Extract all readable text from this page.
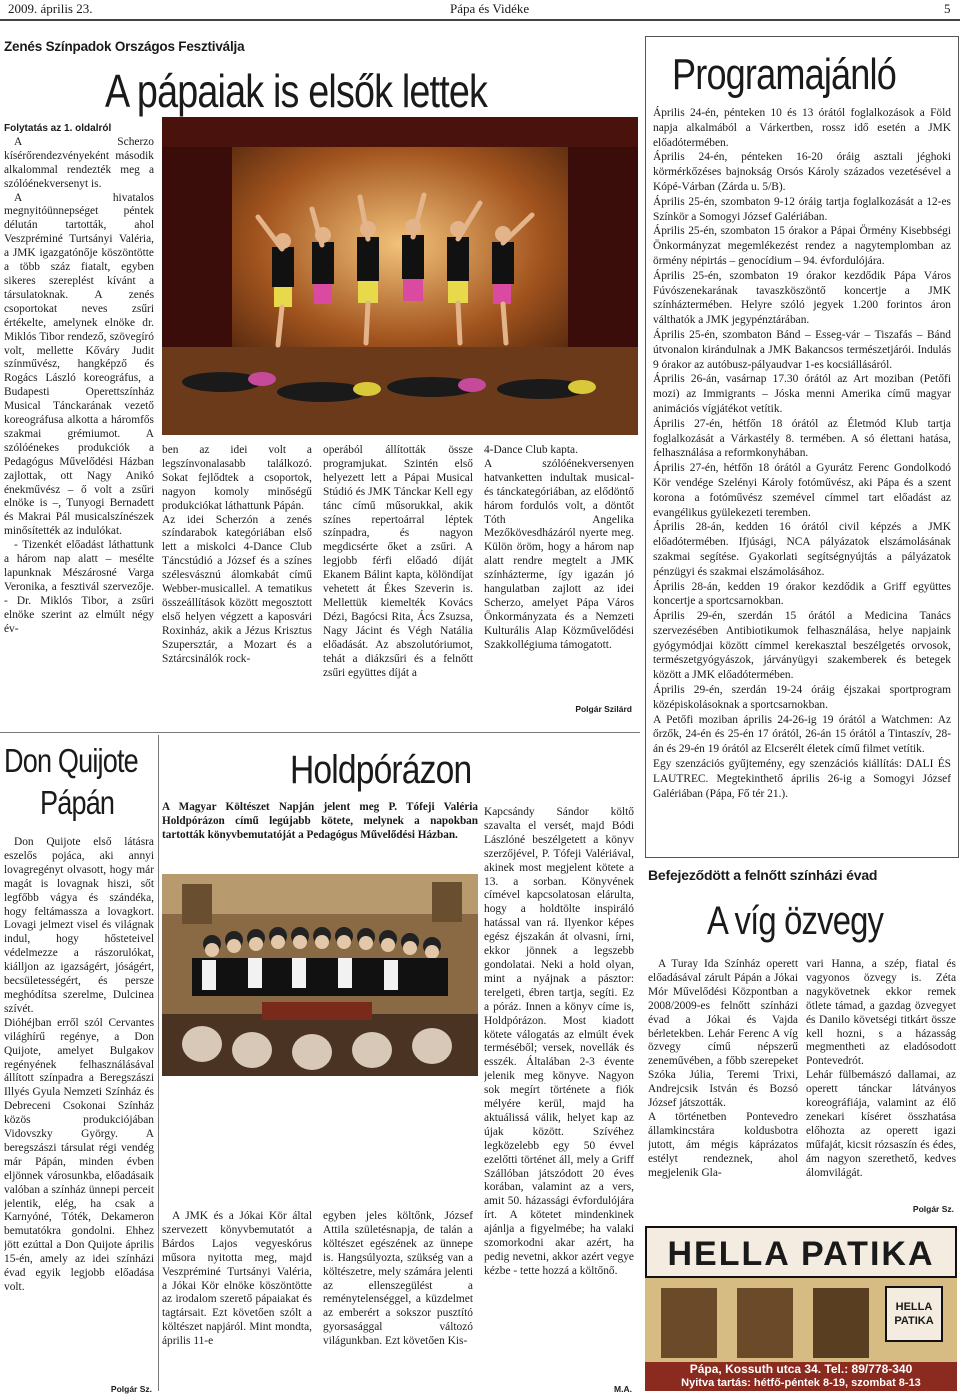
2009. április 23.	Pápa és Vidéke	5
Zenés Színpadok Országos Fesztiválja
A pápaiak is elsők lettek

Folytatás az 1. oldalról

A Scherzo kísérőrendezvényeként második alkalommal rendezték meg a szólóénekversenyt is.

A hivatalos megnyitóünnepséget péntek délután tartották, ahol Veszpréminé Turtsányi Valéria, a JMK igazgatónője köszöntötte a több száz fiatalt, egyben sikeres szereplést kívánt a társulatoknak. A zenés csoportokat neves zsűri értékelte, amelynek elnöke dr. Miklós Tibor rendező, szövegíró volt, mellette Kőváry Judit színművész, hangképző és Rogács László koreográfus, a Budapesti Operettszínház Musical Tánckarának vezető koreográfusa alkotta a háromfős szakmai grémiumot. A szólóénekes produkciók a Pedagógus Művelődési Házban zajlottak, ott Nagy Anikó énekművész – ő volt a zsűri elnöke is –, Tunyogi Bernadett és Makrai Pál musicalszínészek minősítették az indulókat.

- Tizenkét előadást láthattunk a három nap alatt – mesélte lapunknak Mészárosné Varga Veronika, a fesztivál szervezője. - Dr. Miklós Tibor, a zsűri elnöke szerint az elmúlt négy év-

ben az idei volt a legszínvonalasabb találkozó. Sokat fejlődtek a csoportok, nagyon komoly minőségű produkciókat láthattunk Pápán.
Az idei Scherzón a zenés színdarabok kategóriában első lett a miskolci 4-Dance Club Táncstúdió a József és a színes szélesvásznú álomkabát című Webber-musicallel. A tematikus összeállítások között megosztott első helyen végzett a kaposvári Roxinház, akik a Jézus Krisztus Szupersztár, a Mozart és a Sztárcsinálók rock-

operából állították össze programjukat. Szintén első helyezett lett a Pápai Musical Stúdió és JMK Tánckar Kell egy tánc című műsorukkal, akik színes repertoárral léptek színpadra, és nagyon megdicsérte őket a zsűri. A legjobb férfi előadó díját Ekanem Bálint kapta, kölöndíjat vehetett át Ékes Szeverin is. Mellettük kiemelték Kovács Dézi, Bagócsi Rita, Ács Zsuzsa, Nagy Jácint és Végh Natália előadását. Az abszolutóriumot, tehát a diákzsűri és a felnőtt zsűri együttes díját a

4-Dance Club kapta.
A szólóénekversenyen hatvanketten indultak musical- és tánckategóriában, az elődöntő három fordulós volt, a döntőt Tóth Angelika Mezőkövesdházáról nyerte meg. Külön öröm, hogy a három nap alatt rendre megtelt a JMK színháztermе, így igazán jó hangulatban zajlott az idei Scherzo, amelyet Pápa Város Önkormányzata és a Nemzeti Kulturális Alap Közművelődési Szakkollégiuma támogatott.

Polgár Szilárd
Don Quijote
Pápán

Don Quijote első látásra eszelős pojáca, aki annyi lovagregényt olvasott, hogy már magát is lovagnak hiszi, sőt legfőbb vágya és szándéka, hogy feltámassza a lovagkort. Lovagi jelmezt visel és világnak indul, hogy hősteteivel védelmezze a rászorulókat, kiálljon az igazságért, jóságért, becsületességért, és persze meghódítsa szerelme, Dulcinea szívét.
Dióhéjban erről szól Cervantes világhírű regénye, a Don Quijote, amelyet Bulgakov regényének felhasználásával állított színpadra a Beregszászi Illyés Gyula Nemzeti Színház és Debreceni Csokonai Színház közös produkciójában Vidovszky György. A beregszászi társulat régi vendég már Pápán, minden évben eljönnek városunkba, előadásaik valóban a színház ünnepi perceit jelentik, elég, ha csak a Karnyóné, Tóték, Dekameron bemutatókra gondolni. Ehhez jött ezúttal a Don Quijote április 15-én, amely az idei színházi évad egyik legjobb előadása volt.

Polgár Sz.
Holdpórázon
A Magyar Költészet Napján jelent meg P. Tófeji Valéria Holdpórázon című legújabb kötete, melynek a napokban tartották könyvbemutatóját a Pedagógus Művelődési Házban.

A JMK és a Jókai Kör által szervezett könyvbemutatót a Bárdos Lajos vegyeskórus műsora nyitotta meg, majd Veszpréminé Turtsányi Valéria, a Jókai Kör elnöke köszöntötte az irodalom szerető pápaiakat és tagtársait. Ezt követően szólt a költészet napjáról. Mint mondta, április 11-e

egyben jeles költőnk, József Attila születésnapja, de talán a költészet egészének az ünnepe is. Hangsúlyozta, szükség van a költészetre, mely számára jelenti az ellenszegülést a reménytelenséggel, a küzdelmet az emberért a sokszor pusztító gyorsasággal változó világunkban. Ezt követően Kis-

Kapcsándy Sándor költő szavalta el versét, majd Bódi Lászlóné beszélgetett a könyv szerzőjével, P. Tófeji Valériával, akinek most megjelent kötete a 13. a sorban. Könyvének címével kapcsolatosan elárulta, hogy a holdtölte inspiráló hatással van rá. Ilyenkor képes egész éjszakán át olvasni, írni, ekkor jönnek a legszebb gondolatai. Neki a hold olyan, mint a nyájnak a pásztor: terelgeti, ébren tartja, segíti. Ez a póráz. Innen a könyv címe is, Holdpórázon. Most kiadott kötete válogatás az elmúlt évek terméséből; versek, novellák és esszék. Általában 2-3 évente jelenik meg könyve. Nagyon sok megírt története a fiók mélyére kerül, majd ha aktuálissá válik, helyet kap az újak között. Szívéhez legközelebb egy 50 évvel ezelőtti történet áll, mely a Griff Szállóban játszódott 20 éves korában, valamint az a vers, amit 50. házassági évfordulójára írt. A kötetet mindenkinek ajánlja a figyelmébe; ha valaki szomorkodni akar azért, ha pedig nevetni, akkor azért vegye kézbe - tette hozzá a költőnő.

M.A.
Programajánló

Április 24-én, pénteken 10 és 13 órától foglalkozások a Föld napja alkalmából a Várkertben, rossz idő esetén a JMK előadótermében.

Április 24-én, pénteken 16-20 óráig asztali jéghoki körmérkőzéses bajnokság Orsós Károly százados vezetésével a Kópé-Várban (Zárda u. 5/B).

Április 25-én, szombaton 9-12 óráig tartja foglalkozását a 12-es Színkör a Somogyi József Galériában.

Április 25-én, szombaton 15 órakor a Pápai Örmény Kisebbségi Önkormányzat megemlékezést rendez a nagytemplomban az örmény népirtás – genocídium – 94. évfordulójára.

Április 25-én, szombaton 19 órakor kezdődik Pápa Város Fúvószenekarának tavaszköszöntő koncertje a JMK színháztermében. Helyre szóló jegyek 1.200 forintos áron válthatók a JMK jegypénztárában.

Április 25-én, szombaton Bánd – Esseg-vár – Tiszafás – Bánd útvonalon kirándulnak a JMK Bakancsos természetjárói. Indulás 9 órakor az autóbusz-pályaudvar 1-es kocsiállásáról.

Április 26-án, vasárnap 17.30 órától az Art moziban (Petőfi mozi) az Immigrants – Jóska menni Amerika című magyar animációs vígjátékot vetítik.

Április 27-én, hétfőn 18 órától az Életmód Klub tartja foglalkozását a Várkastély 8. termében. A só élettani hatása, felhasználása a reformkonyhában.

Április 27-én, hétfőn 18 órától a Gyurátz Ferenc Gondolkodó Kör vendége Szelényi Károly fotóművész, aki Pápa és a szent korona a fotóművész szemével címmel tart előadást az evangélikus gyülekezeti teremben.

Április 28-án, kedden 16 órától civil képzés a JMK előadótermében. Ifjúsági, NCA pályázatok elszámolásának szakmai segítése. Gyakorlati segítségnyújtás a pályázatok pénzügyi és szakmai elszámolásához.

Április 28-án, kedden 19 órakor kezdődik a Griff együttes koncertje a sportcsarnokban.

Április 29-én, szerdán 15 órától a Medicina Tanács szervezésében Antibiotikumok felhasználása, helye napjaink gyógymódjai között címmel kerekasztal beszélgetés orvosok, természetgyógyászok, járványügyi szakemberek és betegek között a JMK előadótermében.

Április 29-én, szerdán 19-24 óráig éjszakai sportprogram középiskolásoknak a sportcsarnokban.

A Petőfi moziban április 24-26-ig 19 órától a Watchmen: Az őrzők, 24-én és 25-én 17 órától, 26-án 15 órától a Tintaszív, 28-án és 29-én 19 órától az Elcserélt életek című filmet vetítik.

Egy szenzációs gyűjtemény, egy szenzációs kiállítás: DALI ÉS LAUTREC. Megtekinthető április 26-ig a Somogyi József Galériában (Pápa, Fő tér 21.).

Befejeződött a felnőtt színházi évad
A víg özvegy

A Turay Ida Színház operett előadásával zárult Pápán a Jókai Mór Művelődési Központban a 2008/2009-es felnőtt színházi évad a Jókai és Vajda bérletekben. Lehár Ferenc A víg özvegy című népszerű zeneművében, a főbb szerepeket Szóka Júlia, Teremi Trixi, Andrejcsik István és Bozsó József játszották.
A történetben Pontevedro államkincstára koldusbotra jutott, ám mégis káprázatos estélyt rendeznek, ahol megjelenik Gla-

vari Hanna, a szép, fiatal és vagyonos özvegy is. Zéta nagykövetnek ekkor remek ötlete támad, a gazdag özvegyet és Danilo követségi titkárt össze kell hozni, s a házasság megmentheti az eladósodott Pontevedrót.
Lehár fülbemászó dallamai, az operett tánckar látványos koreográfiája, valamint az élő zenekari kíséret összhatása előhozta az operett igazi műfaját, kicsit rózsaszín és édes, ám nagyon szerethető, kedves álomvilágát.

Polgár Sz.
HELLA PATIKA
HELLA
PATIKA
Pápa, Kossuth utca 34. Tel.: 89/778-340
Nyitva tartás: hétfő-péntek 8-19, szombat 8-13
